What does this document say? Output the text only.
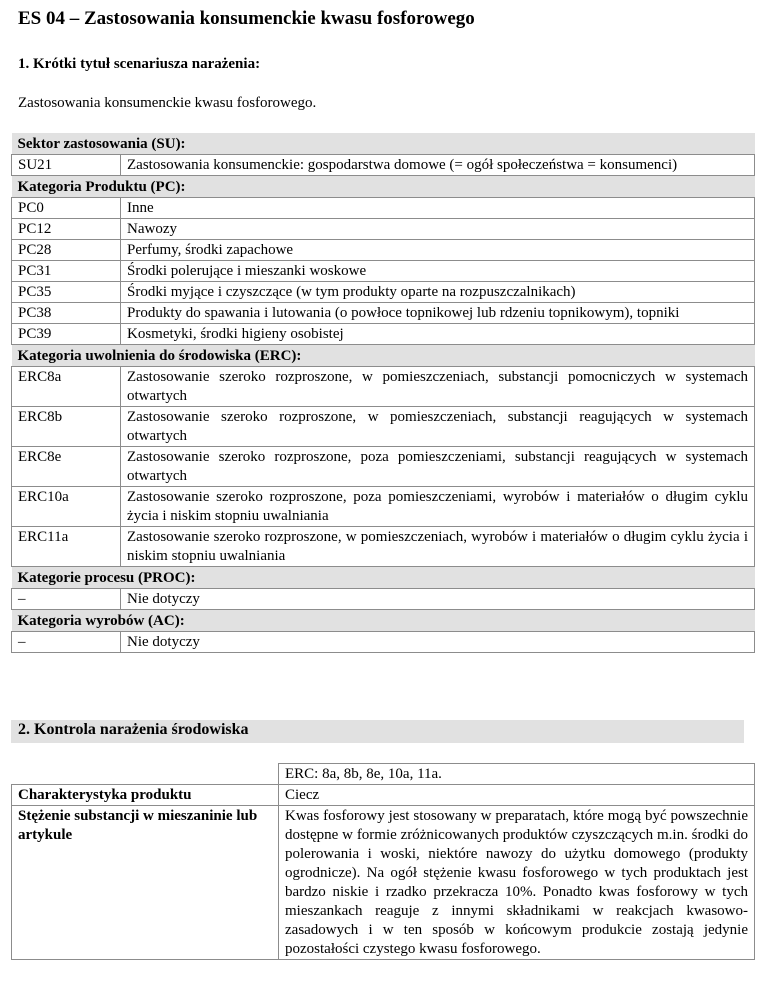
ES 04 – Zastosowania konsumenckie kwasu fosforowego
1. Krótki tytuł scenariusza narażenia:
Zastosowania konsumenckie kwasu fosforowego.
Sektor zastosowania (SU):	
SU21	Zastosowania konsumenckie: gospodarstwa domowe (= ogół społeczeństwa = konsumenci)
Kategoria Produktu (PC):	
PC0	Inne
PC12	Nawozy
PC28	Perfumy, środki zapachowe
PC31	Środki polerujące i mieszanki woskowe
PC35	Środki myjące i czyszczące (w tym produkty oparte na rozpuszczalnikach)
PC38	Produkty do spawania i lutowania (o powłoce topnikowej lub rdzeniu topnikowym), topniki
PC39	Kosmetyki, środki higieny osobistej
Kategoria uwolnienia do środowiska (ERC):	
ERC8a	Zastosowanie szeroko rozproszone, w pomieszczeniach, substancji pomocniczych w systemach otwartych
ERC8b	Zastosowanie szeroko rozproszone, w pomieszczeniach, substancji reagujących w systemach otwartych
ERC8e	Zastosowanie szeroko rozproszone, poza pomieszczeniami, substancji reagujących w systemach otwartych
ERC10a	Zastosowanie szeroko rozproszone, poza pomieszczeniami, wyrobów i materiałów o długim cyklu życia i niskim stopniu uwalniania
ERC11a	Zastosowanie szeroko rozproszone, w pomieszczeniach, wyrobów i materiałów o długim cyklu życia i niskim stopniu uwalniania
Kategorie procesu (PROC):	
–	Nie dotyczy
Kategoria wyrobów (AC):	
–	Nie dotyczy
2. Kontrola narażenia środowiska
	ERC: 8a, 8b, 8e, 10a, 11a.
Charakterystyka produktu	Ciecz
Stężenie substancji w mieszaninie lub artykule	Kwas fosforowy jest stosowany w preparatach, które mogą być powszechnie dostępne w formie zróżnicowanych produktów czyszczących m.in. środki do polerowania i woski, niektóre nawozy do użytku domowego (produkty ogrodnicze). Na ogół stężenie kwasu fosforowego w tych produktach jest bardzo niskie i rzadko przekracza 10%. Ponadto kwas fosforowy w tych mieszankach reaguje z innymi składnikami w reakcjach kwasowo-zasadowych i w ten sposób w końcowym produkcie zostają jedynie pozostałości czystego kwasu fosforowego.
